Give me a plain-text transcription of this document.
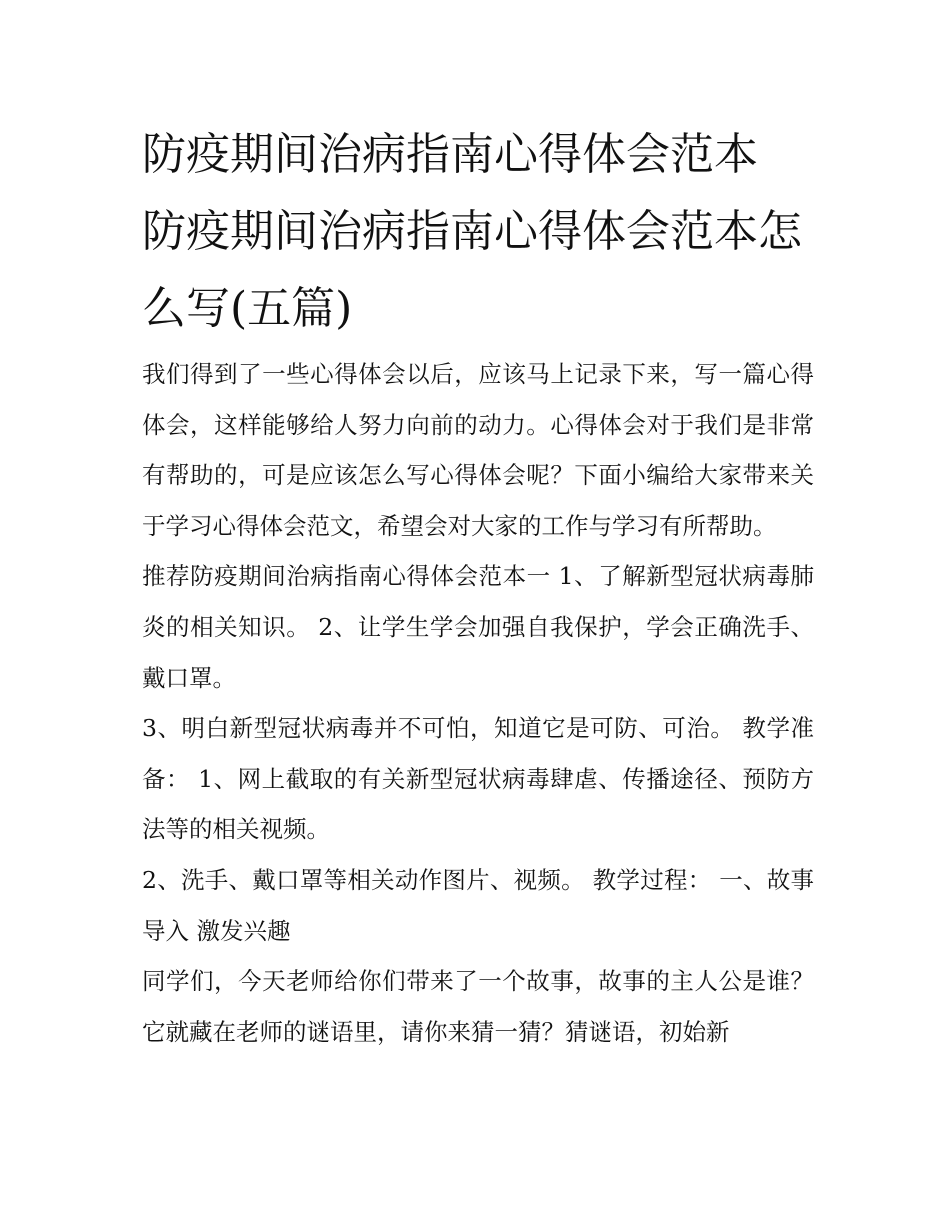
防疫期间治病指南心得体会范本 防疫期间治病指南心得体会范本怎么写(五篇)

我们得到了一些心得体会以后，应该马上记录下来，写一篇心得体会，这样能够给人努力向前的动力。心得体会对于我们是非常有帮助的，可是应该怎么写心得体会呢？下面小编给大家带来关于学习心得体会范文，希望会对大家的工作与学习有所帮助。

推荐防疫期间治病指南心得体会范本一 1、了解新型冠状病毒肺炎的相关知识。 2、让学生学会加强自我保护，学会正确洗手、戴口罩。

3、明白新型冠状病毒并不可怕，知道它是可防、可治。 教学准备： 1、网上截取的有关新型冠状病毒肆虐、传播途径、预防方法等的相关视频。

2、洗手、戴口罩等相关动作图片、视频。 教学过程： 一、故事导入 激发兴趣

同学们，今天老师给你们带来了一个故事，故事的主人公是谁？它就藏在老师的谜语里，请你来猜一猜？猜谜语，初始新
